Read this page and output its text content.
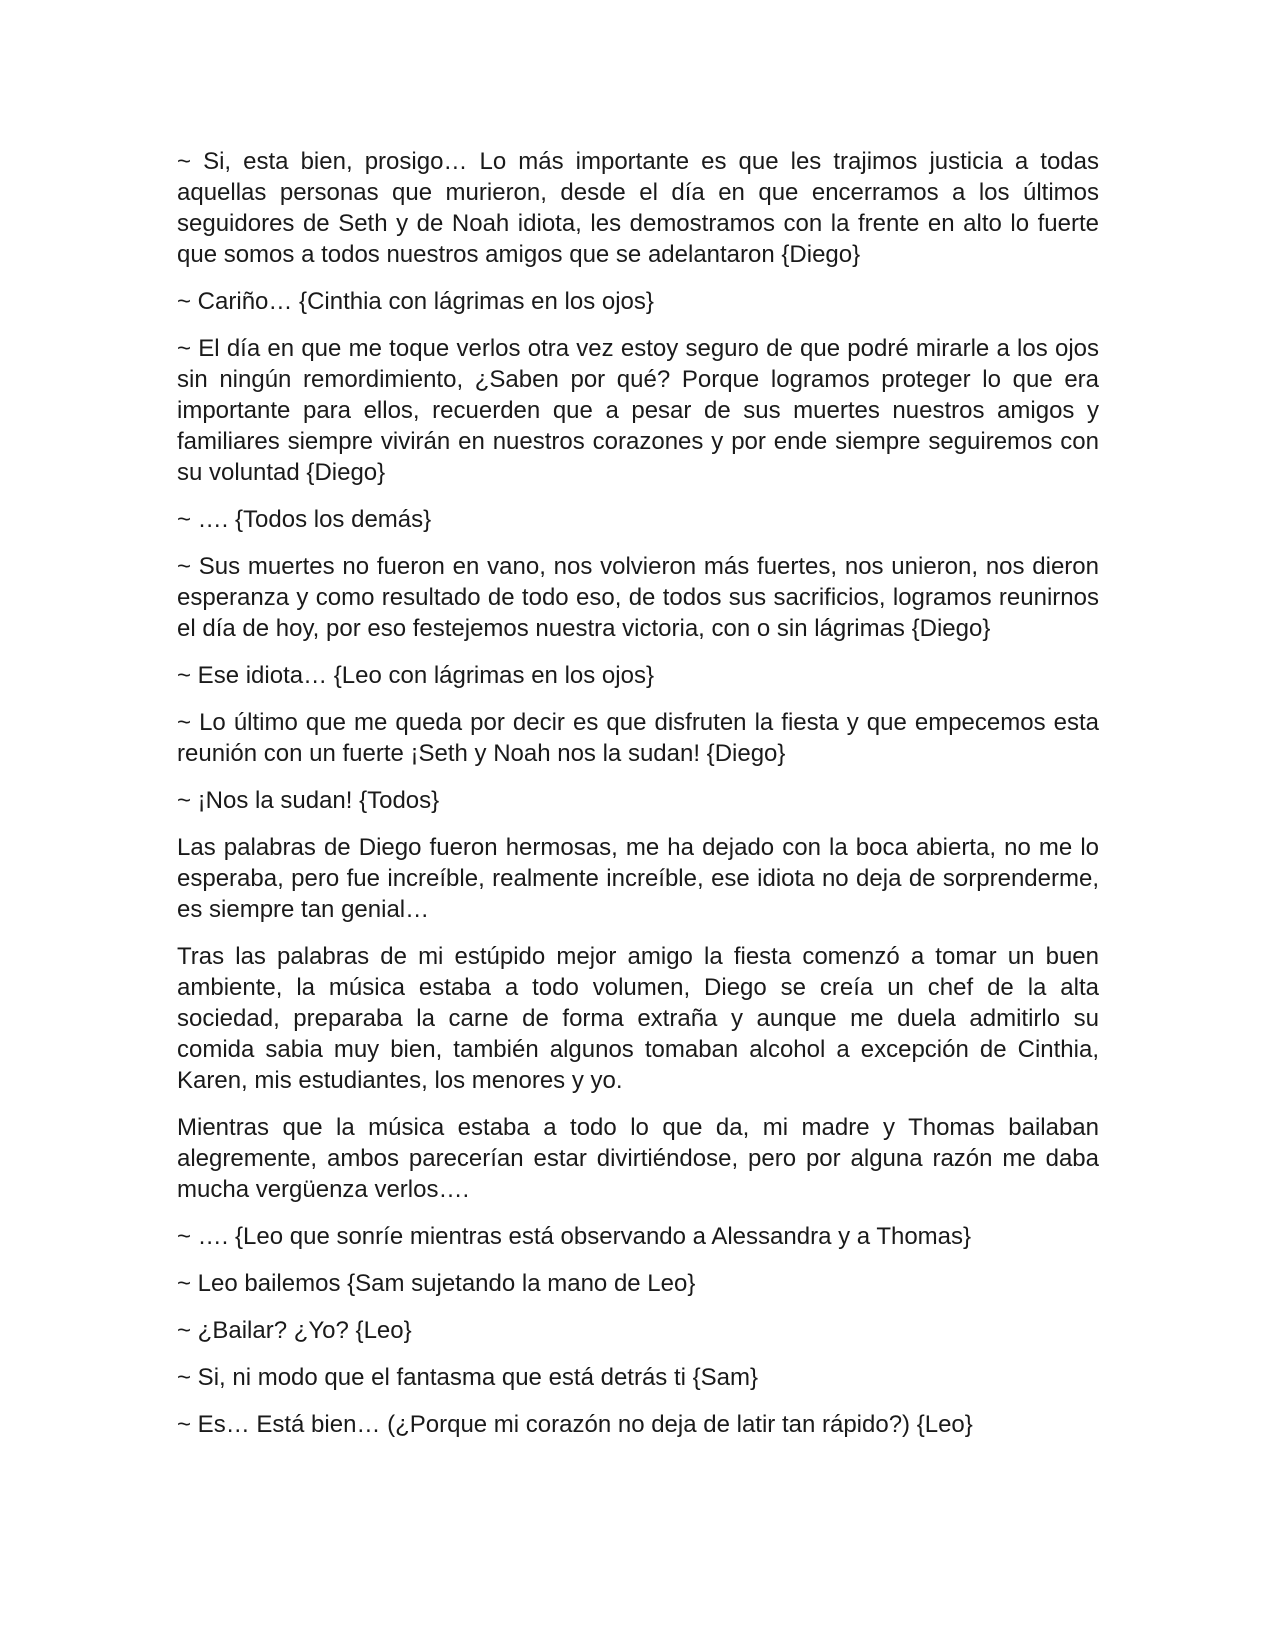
~ Si, esta bien, prosigo… Lo más importante es que les trajimos justicia a todas aquellas personas que murieron, desde el día en que encerramos a los últimos seguidores de Seth y de Noah idiota, les demostramos con la frente en alto lo fuerte que somos a todos nuestros amigos que se adelantaron {Diego}

~ Cariño… {Cinthia con lágrimas en los ojos}

~ El día en que me toque verlos otra vez estoy seguro de que podré mirarle a los ojos sin ningún remordimiento, ¿Saben por qué? Porque logramos proteger lo que era importante para ellos, recuerden que a pesar de sus muertes nuestros amigos y familiares siempre vivirán en nuestros corazones y por ende siempre seguiremos con su voluntad {Diego}

~ …. {Todos los demás}

~ Sus muertes no fueron en vano, nos volvieron más fuertes, nos unieron, nos dieron esperanza y como resultado de todo eso, de todos sus sacrificios, logramos reunirnos el día de hoy, por eso festejemos nuestra victoria, con o sin lágrimas {Diego}

~ Ese idiota… {Leo con lágrimas en los ojos}

~ Lo último que me queda por decir es que disfruten la fiesta y que empecemos esta reunión con un fuerte ¡Seth y Noah nos la sudan! {Diego}

~ ¡Nos la sudan! {Todos}

Las palabras de Diego fueron hermosas, me ha dejado con la boca abierta, no me lo esperaba, pero fue increíble, realmente increíble, ese idiota no deja de sorprenderme, es siempre tan genial…

Tras las palabras de mi estúpido mejor amigo la fiesta comenzó a tomar un buen ambiente, la música estaba a todo volumen, Diego se creía un chef de la alta sociedad, preparaba la carne de forma extraña y aunque me duela admitirlo su comida sabia muy bien, también algunos tomaban alcohol a excepción de Cinthia, Karen, mis estudiantes, los menores y yo.

Mientras que la música estaba a todo lo que da, mi madre y Thomas bailaban alegremente, ambos parecerían estar divirtiéndose, pero por alguna razón me daba mucha vergüenza verlos….

~ …. {Leo que sonríe mientras está observando a Alessandra y a Thomas}

~ Leo bailemos {Sam sujetando la mano de Leo}

~ ¿Bailar? ¿Yo? {Leo}

~ Si, ni modo que el fantasma que está detrás ti {Sam}

~ Es… Está bien… (¿Porque mi corazón no deja de latir tan rápido?) {Leo}
